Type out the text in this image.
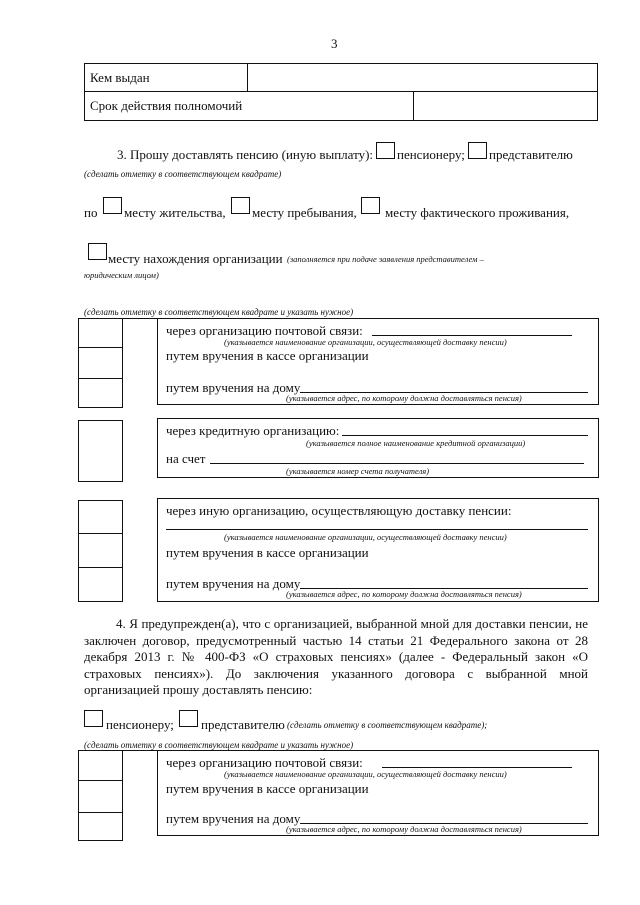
3
Кем выдан
Срок действия полномочий
3. Прошу доставлять пенсию (иную выплату): пенсионеру; представителю
(сделать отметку в соответствующем квадрате)
по месту жительства, месту пребывания, месту фактического проживания,
месту нахождения организации (заполняется при подаче заявления представителем –
юридическим лицом)
(сделать отметку в соответствующем квадрате и указать нужное)
через организацию почтовой связи:
(указывается наименование организации, осуществляющей доставку пенсии)
путем вручения в кассе организации
путем вручения на дому
(указывается адрес, по которому должна доставляться пенсия)
через кредитную организацию:
(указывается полное наименование кредитной организации)
на счет
(указывается номер счета получателя)
через иную организацию, осуществляющую доставку пенсии:
(указывается наименование организации, осуществляющей доставку пенсии)
путем вручения в кассе организации
путем вручения на дому
(указывается адрес, по которому должна доставляться пенсия)
4. Я предупрежден(а), что с организацией, выбранной мной для доставки пенсии, не заключен договор, предусмотренный частью 14 статьи 21 Федерального закона от 28 декабря 2013 г. № 400-ФЗ «О страховых пенсиях» (далее - Федеральный закон «О страховых пенсиях»). До заключения указанного договора с выбранной мной организацией прошу доставлять пенсию:
пенсионеру; представителю (сделать отметку в соответствующем квадрате);
(сделать отметку в соответствующем квадрате и указать нужное)
через организацию почтовой связи:
(указывается наименование организации, осуществляющей доставку пенсии)
путем вручения в кассе организации
путем вручения на дому
(указывается адрес, по которому должна доставляться пенсия)
